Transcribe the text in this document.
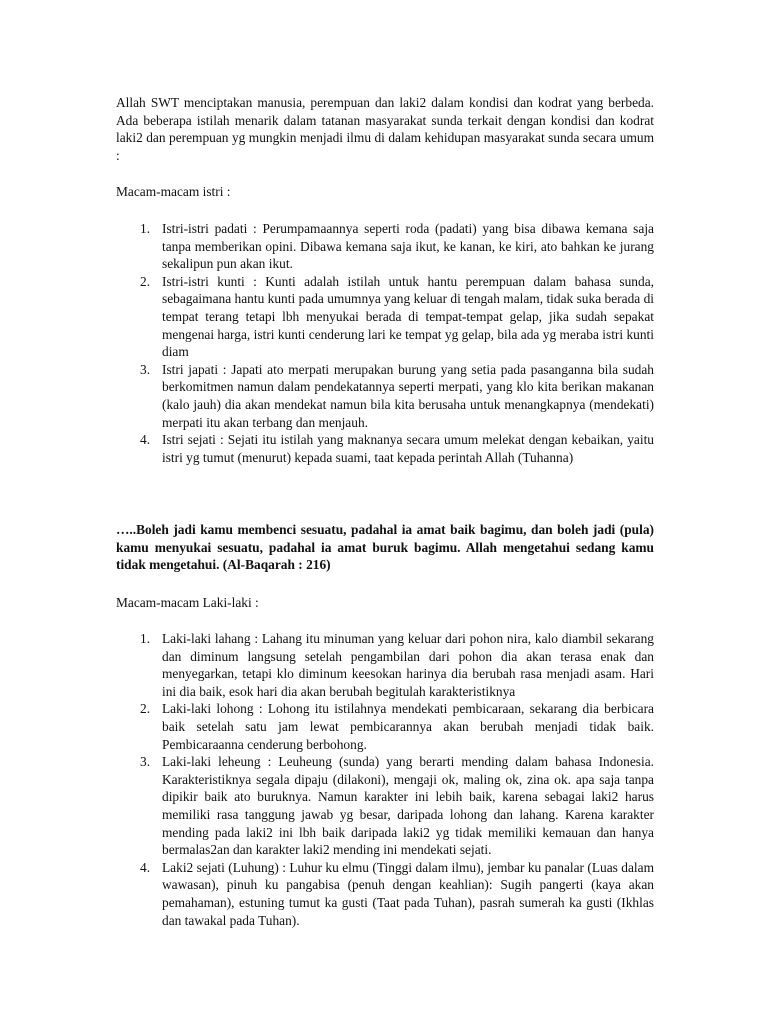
Allah SWT menciptakan manusia, perempuan dan laki2 dalam kondisi dan kodrat yang berbeda. Ada beberapa istilah menarik dalam tatanan masyarakat sunda terkait dengan kondisi dan kodrat laki2 dan perempuan yg mungkin menjadi ilmu di dalam kehidupan masyarakat sunda secara umum :

Macam-macam istri :

1. Istri-istri padati : Perumpamaannya seperti roda (padati) yang bisa dibawa kemana saja tanpa memberikan opini. Dibawa kemana saja ikut, ke kanan, ke kiri, ato bahkan ke jurang sekalipun pun akan ikut.
2. Istri-istri kunti : Kunti adalah istilah untuk hantu perempuan dalam bahasa sunda, sebagaimana hantu kunti pada umumnya yang keluar di tengah malam, tidak suka berada di tempat terang tetapi lbh menyukai berada di tempat-tempat gelap, jika sudah sepakat mengenai harga, istri kunti cenderung lari ke tempat yg gelap, bila ada yg meraba istri kunti diam
3. Istri japati : Japati ato merpati merupakan burung yang setia pada pasanganna bila sudah berkomitmen namun dalam pendekatannya seperti merpati, yang klo kita berikan makanan (kalo jauh) dia akan mendekat namun bila kita berusaha untuk menangkapnya (mendekati) merpati itu akan terbang dan menjauh.
4. Istri sejati : Sejati itu istilah yang maknanya secara umum melekat dengan kebaikan, yaitu istri yg tumut (menurut) kepada suami, taat kepada perintah Allah (Tuhanna)

…..Boleh jadi kamu membenci sesuatu, padahal ia amat baik bagimu, dan boleh jadi (pula) kamu menyukai sesuatu, padahal ia amat buruk bagimu. Allah mengetahui sedang kamu tidak mengetahui. (Al-Baqarah : 216)

Macam-macam Laki-laki :

1. Laki-laki lahang : Lahang itu minuman yang keluar dari pohon nira, kalo diambil sekarang dan diminum langsung setelah pengambilan dari pohon dia akan terasa enak dan menyegarkan, tetapi klo diminum keesokan harinya dia berubah rasa menjadi asam. Hari ini dia baik, esok hari dia akan berubah begitulah karakteristiknya
2. Laki-laki lohong : Lohong itu istilahnya mendekati pembicaraan, sekarang dia berbicara baik setelah satu jam lewat pembicarannya akan berubah menjadi tidak baik. Pembicaraanna cenderung berbohong.
3. Laki-laki leheung : Leuheung (sunda) yang berarti mending dalam bahasa Indonesia. Karakteristiknya segala dipaju (dilakoni), mengaji ok, maling ok, zina ok. apa saja tanpa dipikir baik ato buruknya. Namun karakter ini lebih baik, karena sebagai laki2 harus memiliki rasa tanggung jawab yg besar, daripada lohong dan lahang. Karena karakter mending pada laki2 ini lbh baik daripada laki2 yg tidak memiliki kemauan dan hanya bermalas2an dan karakter laki2 mending ini mendekati sejati.
4. Laki2 sejati (Luhung) : Luhur ku elmu (Tinggi dalam ilmu), jembar ku panalar (Luas dalam wawasan), pinuh ku pangabisa (penuh dengan keahlian): Sugih pangerti (kaya akan pemahaman), estuning tumut ka gusti (Taat pada Tuhan), pasrah sumerah ka gusti (Ikhlas dan tawakal pada Tuhan).
